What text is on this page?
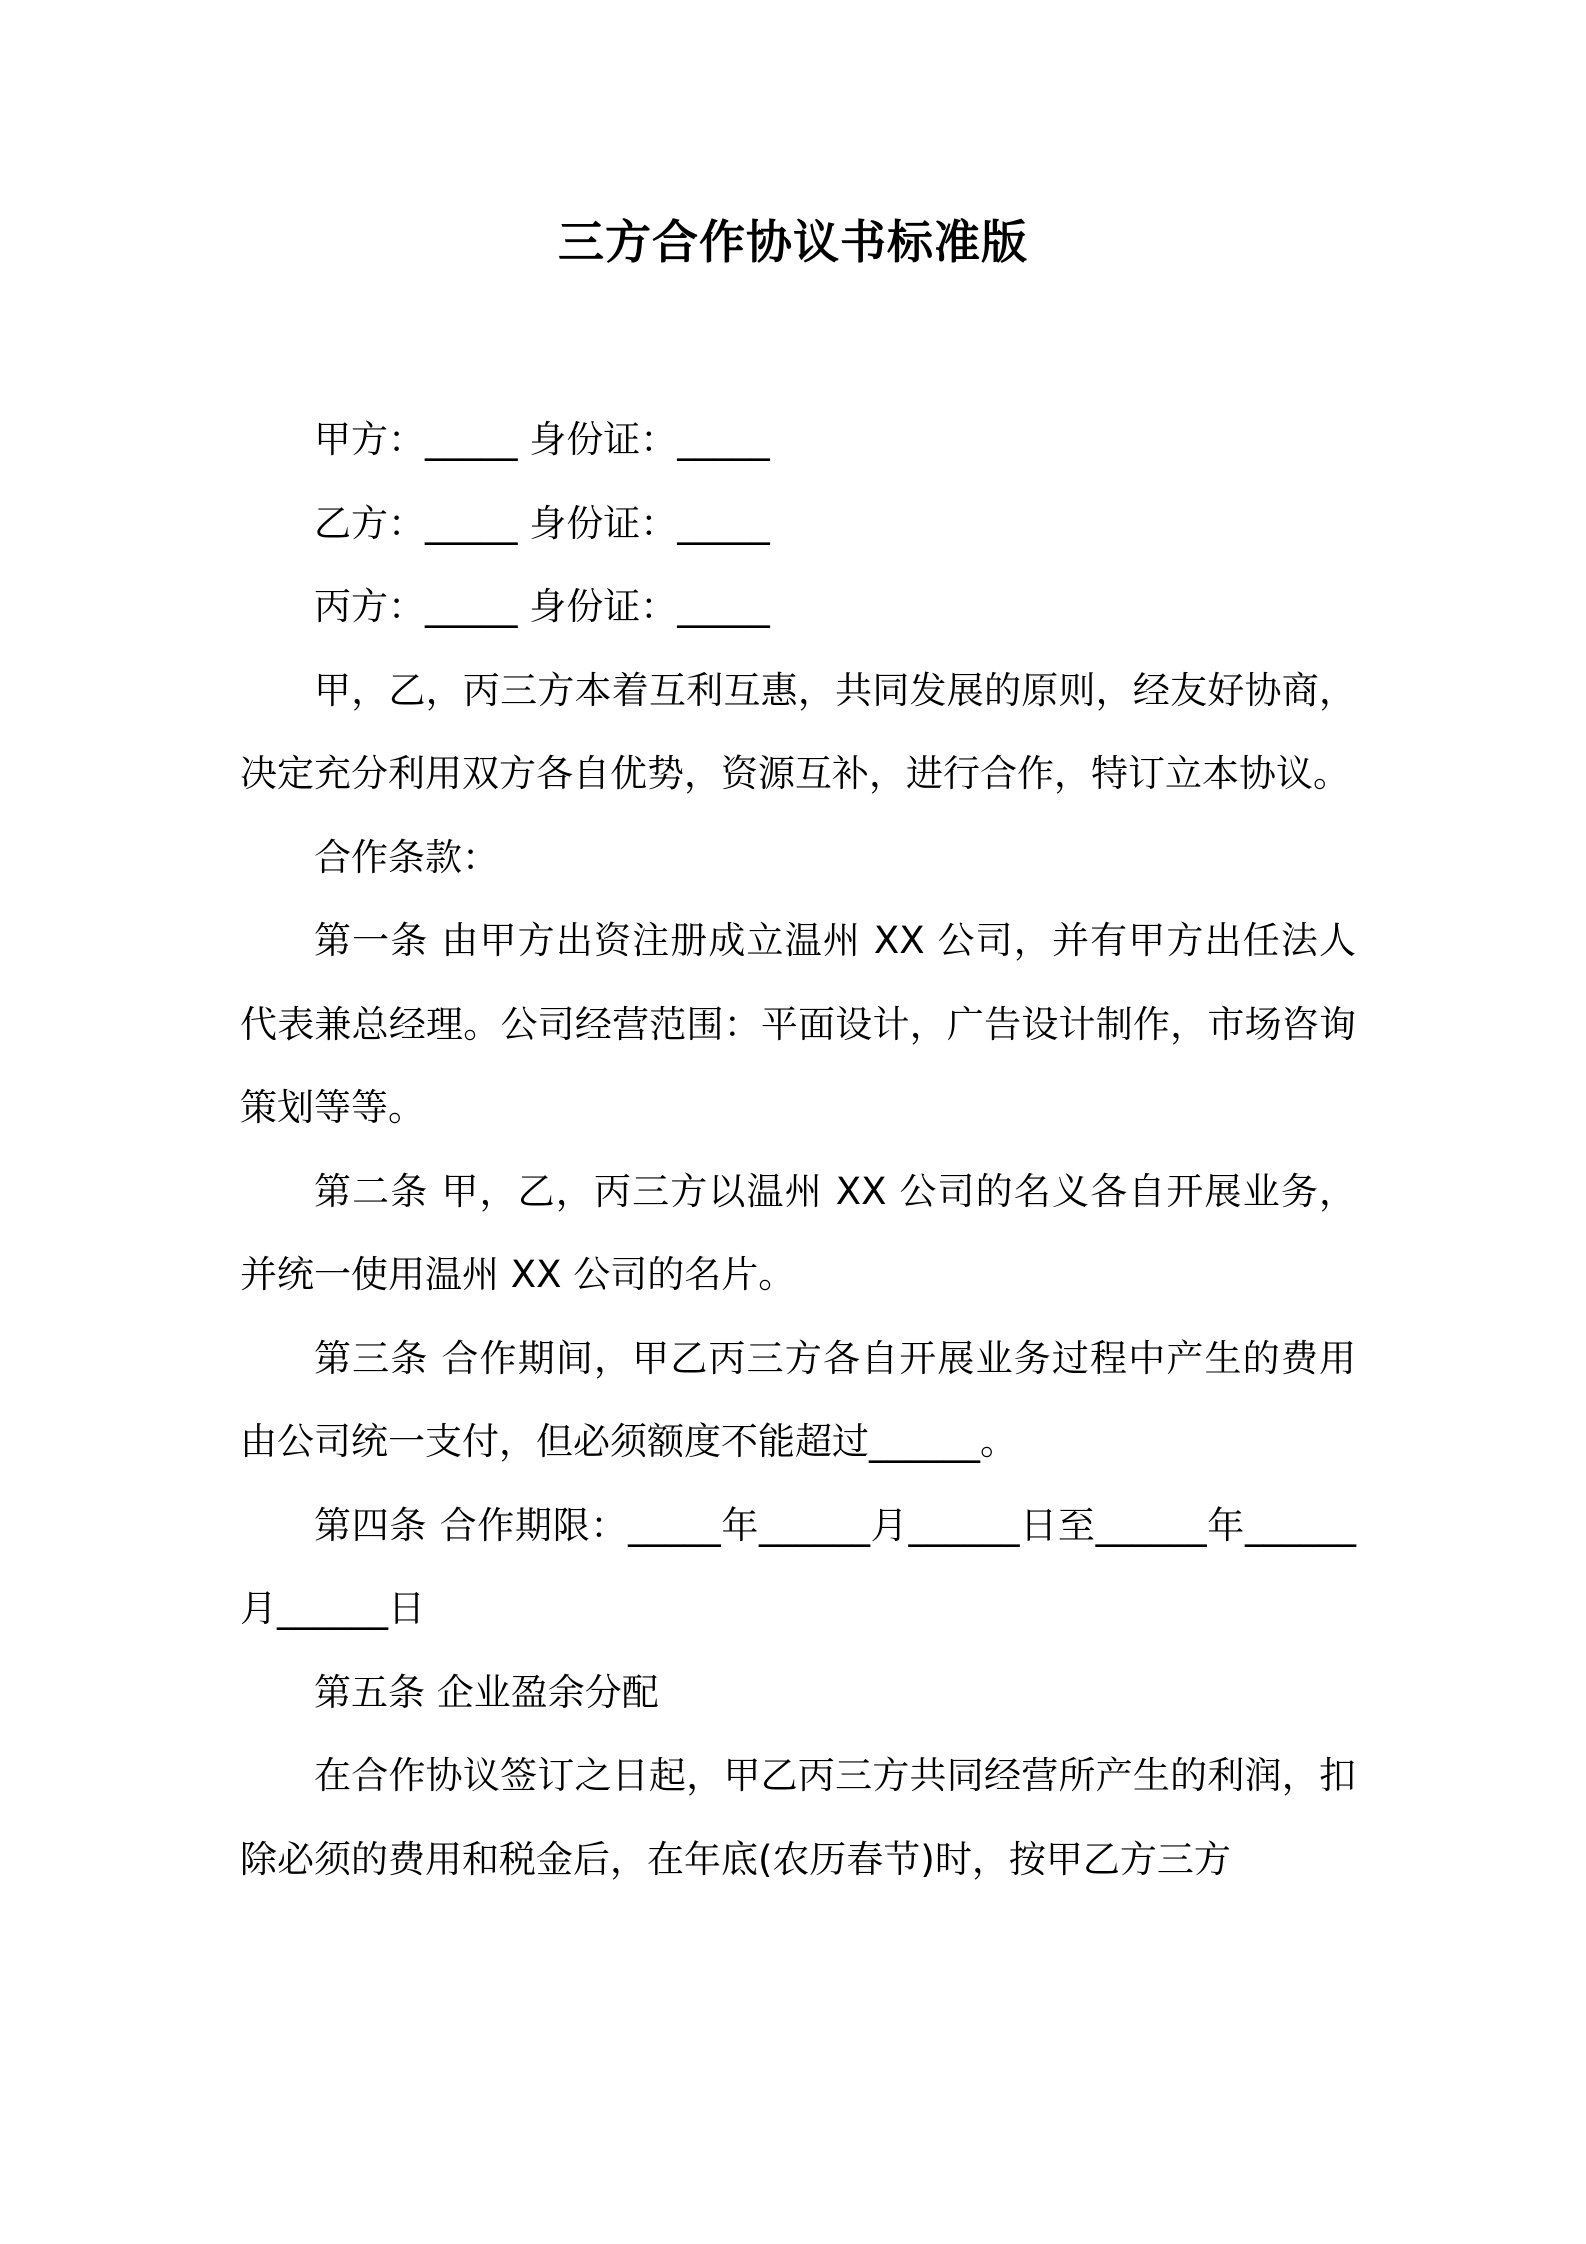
三方合作协议书标准版

甲方：_____ 身份证：_____

乙方：_____ 身份证：_____

丙方：_____ 身份证：_____

甲，乙，丙三方本着互利互惠，共同发展的原则，经友好协商，决定充分利用双方各自优势，资源互补，进行合作，特订立本协议。

合作条款：

第一条 由甲方出资注册成立温州 XX 公司，并有甲方出任法人代表兼总经理。公司经营范围：平面设计，广告设计制作，市场咨询策划等等。

第二条 甲，乙，丙三方以温州 XX 公司的名义各自开展业务，并统一使用温州 XX 公司的名片。

第三条 合作期间，甲乙丙三方各自开展业务过程中产生的费用由公司统一支付，但必须额度不能超过______。

第四条 合作期限：_____年______月______日至______年______月______日

第五条 企业盈余分配

在合作协议签订之日起，甲乙丙三方共同经营所产生的利润，扣除必须的费用和税金后，在年底(农历春节)时，按甲乙方三方
